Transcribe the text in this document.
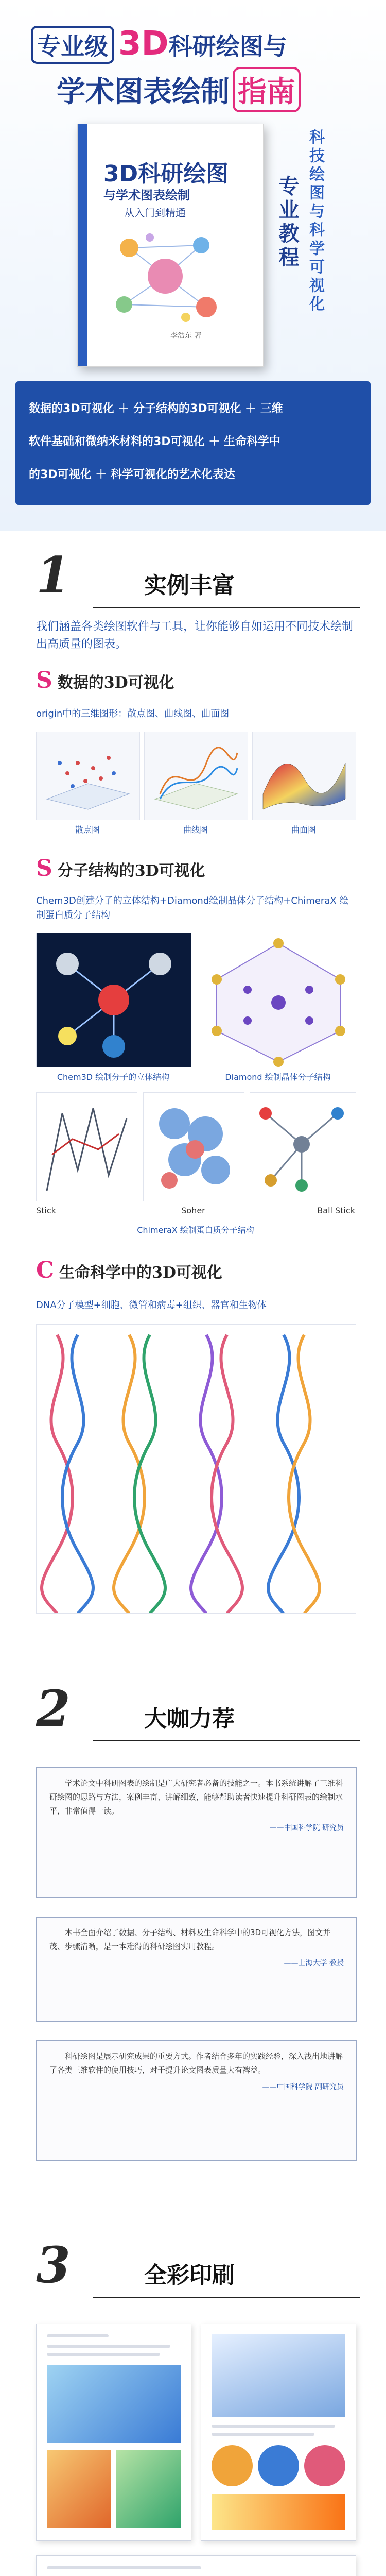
专业级 3D科研绘图与
学术图表绘制 指南
3D科研绘图
与学术图表绘制
从入门到精通
李浩东 著
科技绘图与科学可视化
专业教程

数据的3D可视化 ＋ 分子结构的3D可视化 ＋ 三维

软件基础和微纳米材料的3D可视化 ＋ 生命科学中

的3D可视化 ＋ 科学可视化的艺术化表达

1	实例丰富
我们涵盖各类绘图软件与工具，让你能够自如运用不同技术绘制出高质量的图表。
S 数据的3D可视化
origin中的三维图形：散点图、曲线图、曲面图
散点图	曲线图	曲面图
S 分子结构的3D可视化
Chem3D创建分子的立体结构+Diamond绘制晶体分子结构+ChimeraX 绘制蛋白质分子结构
Chem3D 绘制分子的立体结构	Diamond 绘制晶体分子结构
Stick	Soher	Ball Stick
ChimeraX 绘制蛋白质分子结构
C 生命科学中的3D可视化
DNA分子模型+细胞、微管和病毒+组织、器官和生物体
2	大咖力荐

学术论文中科研图表的绘制是广大研究者必备的技能之一。本书系统讲解了三维科研绘图的思路与方法，案例丰富、讲解细致，能够帮助读者快速提升科研图表的绘制水平，非常值得一读。

——中国科学院 研究员

本书全面介绍了数据、分子结构、材料及生命科学中的3D可视化方法，图文并茂、步骤清晰，是一本难得的科研绘图实用教程。

——上海大学 教授

科研绘图是展示研究成果的重要方式。作者结合多年的实践经验，深入浅出地讲解了各类三维软件的使用技巧，对于提升论文图表质量大有裨益。

——中国科学院 副研究员
3	全彩印刷
